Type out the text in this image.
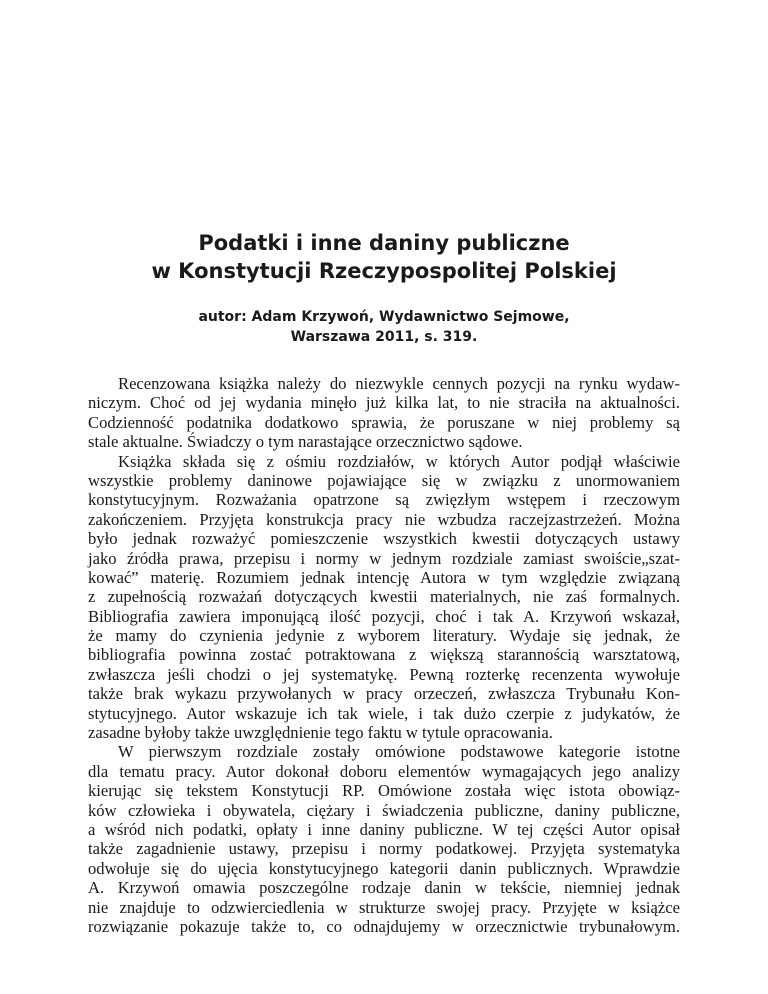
Podatki i inne daniny publiczne
w Konstytucji Rzeczypospolitej Polskiej
autor: Adam Krzywoń, Wydawnictwo Sejmowe,
Warszawa 2011, s. 319.
Recenzowana książka należy do niezwykle cennych pozycji na rynku wydaw-
niczym. Choć od jej wydania minęło już kilka lat, to nie straciła na aktualności.
Codzienność podatnika dodatkowo sprawia, że poruszane w niej problemy są
stale aktualne. Świadczy o tym narastające orzecznictwo sądowe.
Książka składa się z ośmiu rozdziałów, w których Autor podjął właściwie
wszystkie problemy daninowe pojawiające się w związku z unormowaniem
konstytucyjnym. Rozważania opatrzone są zwięzłym wstępem i rzeczowym
zakończeniem. Przyjęta konstrukcja pracy nie wzbudza raczejzastrzeżeń. Można
było jednak rozważyć pomieszczenie wszystkich kwestii dotyczących ustawy
jako źródła prawa, przepisu i normy w jednym rozdziale zamiast swoiście„szat-
kować” materię. Rozumiem jednak intencję Autora w tym względzie związaną
z zupełnością rozważań dotyczących kwestii materialnych, nie zaś formalnych.
Bibliografia zawiera imponującą ilość pozycji, choć i tak A. Krzywoń wskazał,
że mamy do czynienia jedynie z wyborem literatury. Wydaje się jednak, że
bibliografia powinna zostać potraktowana z większą starannością warsztatową,
zwłaszcza jeśli chodzi o jej systematykę. Pewną rozterkę recenzenta wywołuje
także brak wykazu przywołanych w pracy orzeczeń, zwłaszcza Trybunału Kon-
stytucyjnego. Autor wskazuje ich tak wiele, i tak dużo czerpie z judykatów, że
zasadne byłoby także uwzględnienie tego faktu w tytule opracowania.
W pierwszym rozdziale zostały omówione podstawowe kategorie istotne
dla tematu pracy. Autor dokonał doboru elementów wymagających jego analizy
kierując się tekstem Konstytucji RP. Omówione została więc istota obowiąz-
ków człowieka i obywatela, ciężary i świadczenia publiczne, daniny publiczne,
a wśród nich podatki, opłaty i inne daniny publiczne. W tej części Autor opisał
także zagadnienie ustawy, przepisu i normy podatkowej. Przyjęta systematyka
odwołuje się do ujęcia konstytucyjnego kategorii danin publicznych. Wprawdzie
A. Krzywoń omawia poszczególne rodzaje danin w tekście, niemniej jednak
nie znajduje to odzwierciedlenia w strukturze swojej pracy. Przyjęte w książce
rozwiązanie pokazuje także to, co odnajdujemy w orzecznictwie trybunałowym.
